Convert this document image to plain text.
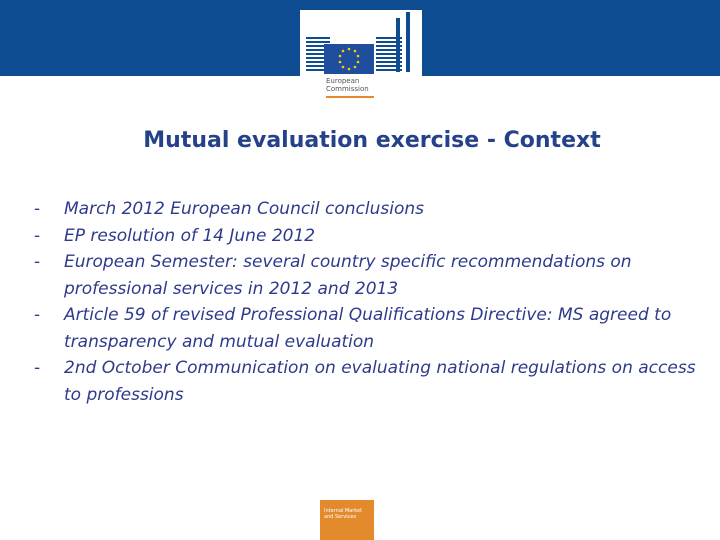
European
Commission
Mutual evaluation exercise - Context
- March 2012 European Council conclusions
- EP resolution of 14 June 2012
- European Semester: several country specific recommendations on professional services in 2012 and 2013
- Article 59 of revised Professional Qualifications Directive: MS agreed to transparency and mutual evaluation
- 2nd October Communication on evaluating national regulations on access to professions
Internal Market
and Services
